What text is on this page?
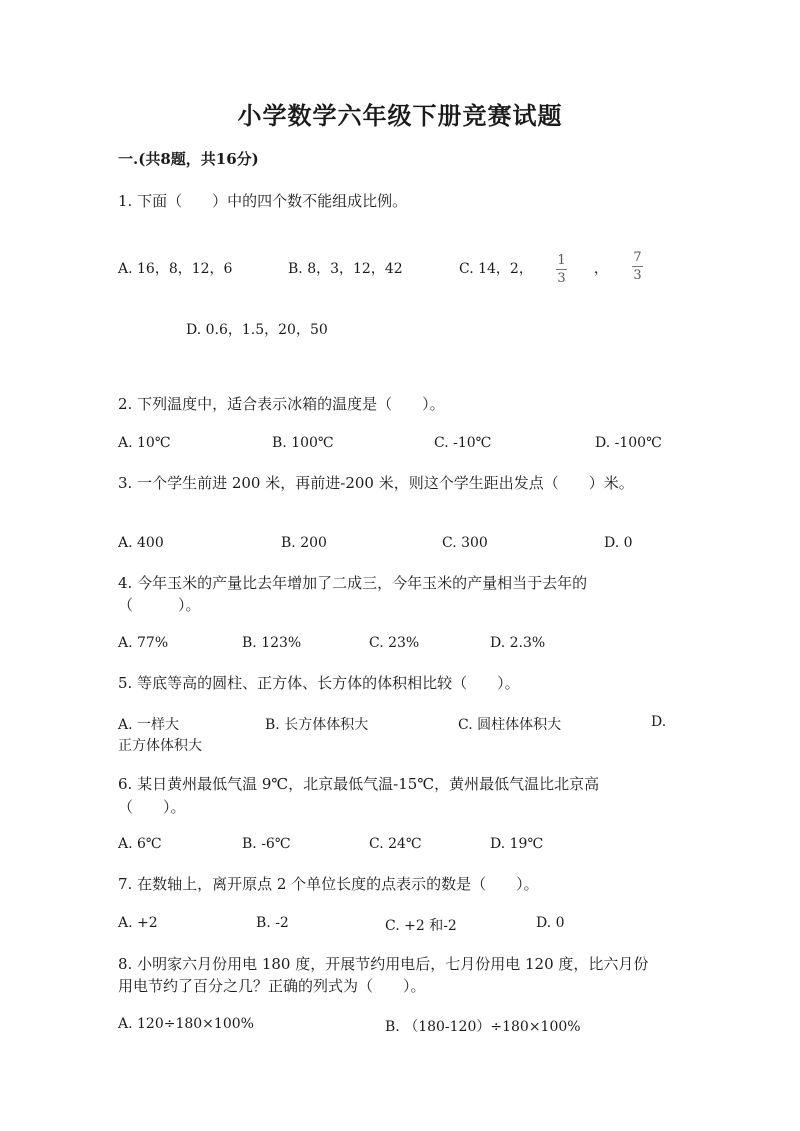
小学数学六年级下册竞赛试题
一.(共8题，共16分)
1. 下面（　　）中的四个数不能组成比例。
A. 16，8，12，6	B. 8，3，12，42	C. 14，2，
1
3
，
7
3
D. 0.6，1.5，20，50
2. 下列温度中，适合表示冰箱的温度是（　　）。
A. 10℃	B. 100℃	C. -10℃	D. -100℃
3. 一个学生前进 200 米，再前进-200 米，则这个学生距出发点（　　）米。
A. 400	B. 200	C. 300	D. 0
4. 今年玉米的产量比去年增加了二成三，今年玉米的产量相当于去年的
（　　　）。
A. 77%	B. 123%	C. 23%	D. 2.3%
5. 等底等高的圆柱、正方体、长方体的体积相比较（　　）。
A. 一样大	B. 长方体体积大	C. 圆柱体体积大	D.
正方体体积大
6. 某日黄州最低气温 9℃，北京最低气温-15℃，黄州最低气温比北京高
（　　）。
A. 6℃	B. -6℃	C. 24℃	D. 19℃
7. 在数轴上，离开原点 2 个单位长度的点表示的数是（　　）。
A. +2	B. -2	C. +2 和-2	D. 0
8. 小明家六月份用电 180 度，开展节约用电后，七月份用电 120 度，比六月份
用电节约了百分之几？正确的列式为（　　）。
A. 120÷180×100%	B. （180-120）÷180×100%
